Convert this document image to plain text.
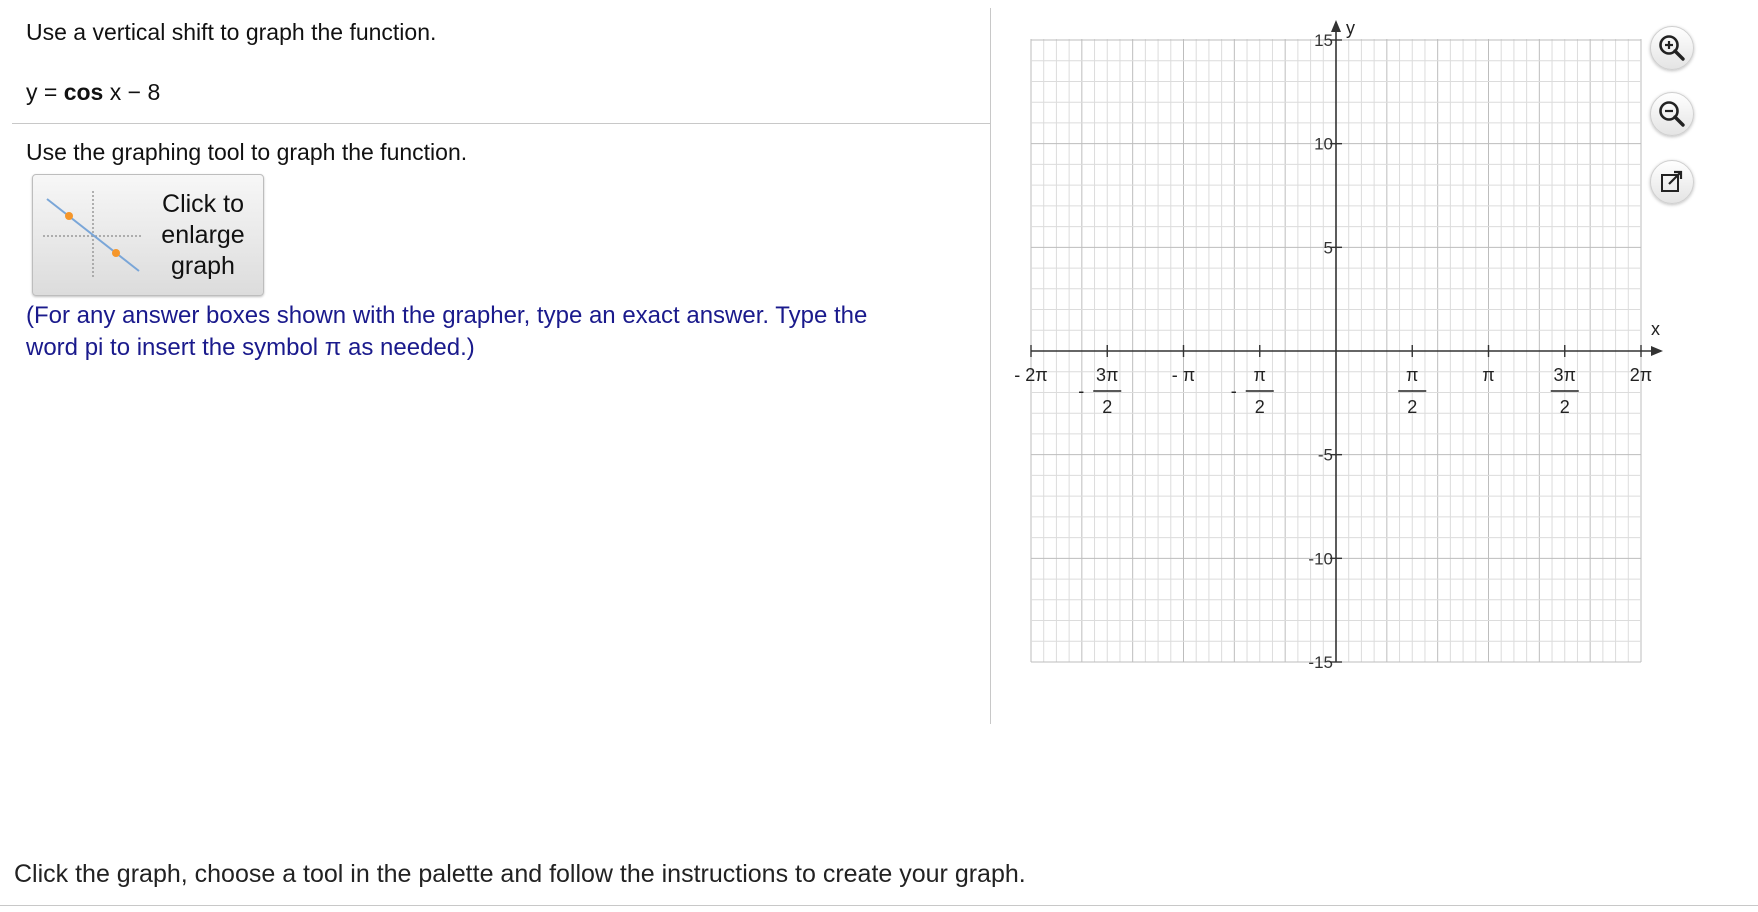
Use a vertical shift to graph the function.
y = cos x − 8
Use the graphing tool to graph the function.
Click to
enlarge
graph
(For any answer boxes shown with the grapher, type an exact answer. Type the
word pi to insert the symbol π as needed.)
x
y
15
10
5
-5
-10
-15
- 2π	3π
2
-
- π	π
2
-
π
2
π	3π
2
2π
Click the graph, choose a tool in the palette and follow the instructions to create your graph.
